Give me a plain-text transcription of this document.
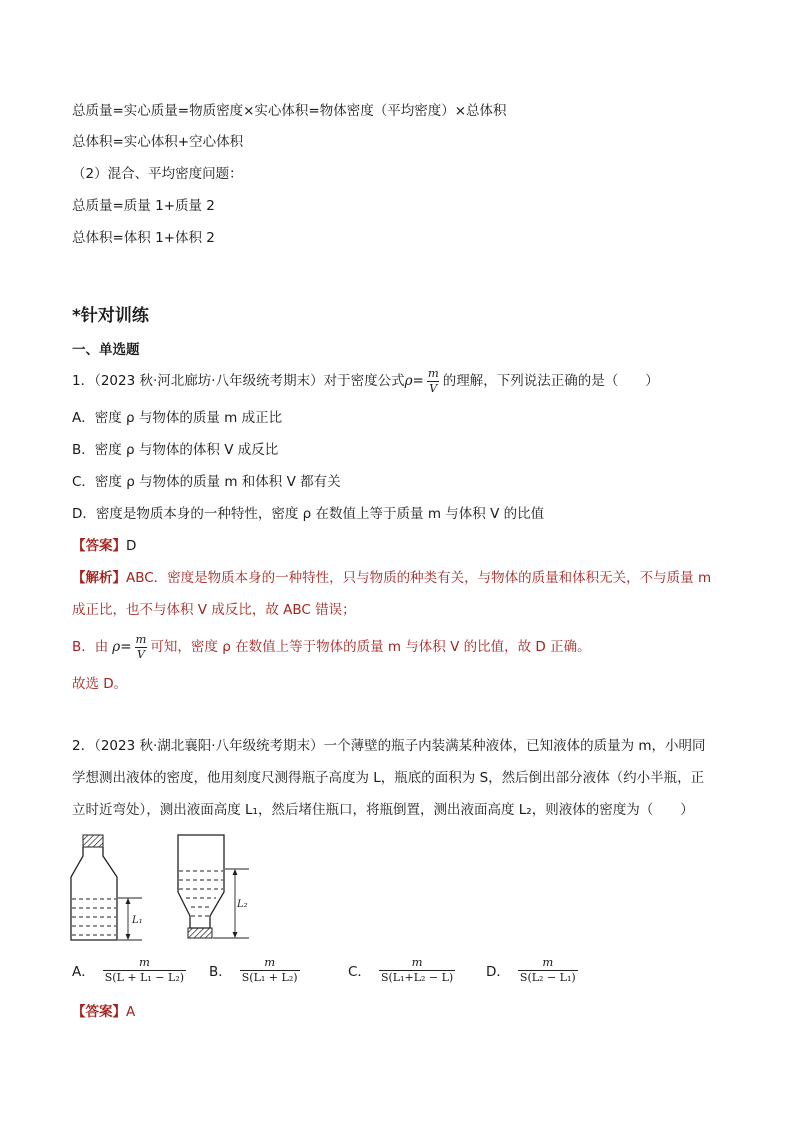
总质量=实心质量=物质密度×实心体积=物体密度（平均密度）×总体积
总体积=实心体积+空心体积
（2）混合、平均密度问题：
总质量=质量 1+质量 2
总体积=体积 1+体积 2
*针对训练
一、单选题
1．（2023 秋·河北廊坊·八年级统考期末）对于密度公式 $\rho= \frac{m}{V}$ 的理解，下列说法正确的是（　　）
A．密度 ρ 与物体的质量 m 成正比
B．密度 ρ 与物体的体积 V 成反比
C．密度 ρ 与物体的质量 m 和体积 V 都有关
D．密度是物质本身的一种特性，密度 ρ 在数值上等于质量 m 与体积 V 的比值
【答案】D
【解析】ABC．密度是物质本身的一种特性，只与物质的种类有关，与物体的质量和体积无关，不与质量 m
成正比，也不与体积 V 成反比，故 ABC 错误；
B．由 $\rho= \frac{m}{V}$ 可知，密度 ρ 在数值上等于物体的质量 m 与体积 V 的比值，故 D 正确。
故选 D。
2．（2023 秋·湖北襄阳·八年级统考期末）一个薄壁的瓶子内装满某种液体，已知液体的质量为 m，小明同
学想测出液体的密度，他用刻度尺测得瓶子高度为 L，瓶底的面积为 S，然后倒出部分液体（约小半瓶，正
立时近弯处），测出液面高度 L₁，然后堵住瓶口，将瓶倒置，测出液面高度 L₂，则液体的密度为（　　）
L₁
L₂
A． $\frac{m}{\text{S(L + L₁ − L₂)}}$ B． $\frac{m}{\text{S(L₁ + L₂)}}$	C． $\frac{m}{\text{S(L₁+L₂ − L)}}$ D． $\frac{m}{\text{S(L₂ − L₁)}}$
【答案】A
